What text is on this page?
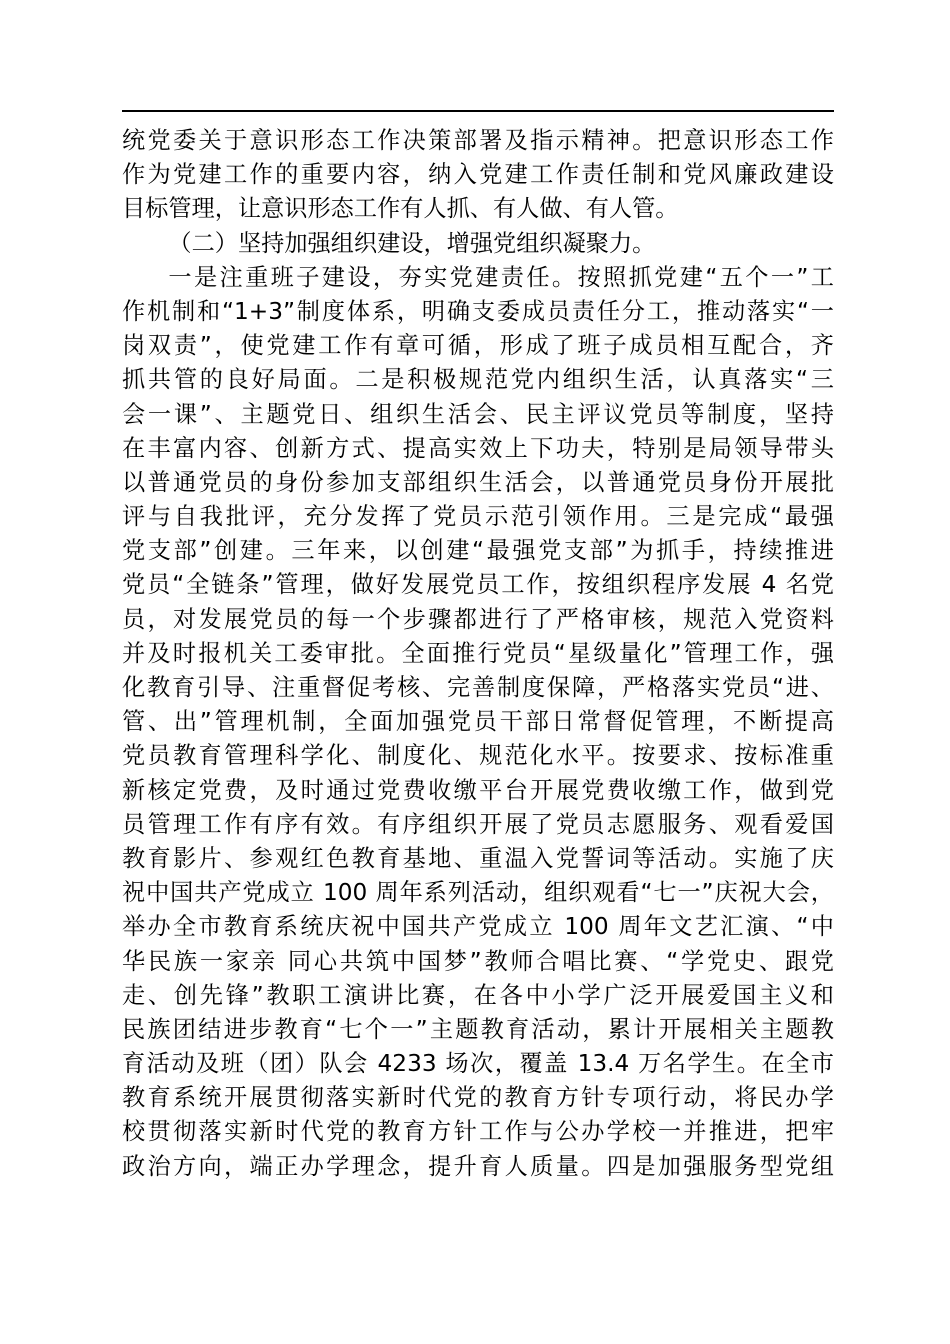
统党委关于意识形态工作决策部署及指示精神。把意识形态工作
作为党建工作的重要内容，纳入党建工作责任制和党风廉政建设
目标管理，让意识形态工作有人抓、有人做、有人管。
（二）坚持加强组织建设，增强党组织凝聚力。
一是注重班子建设，夯实党建责任。按照抓党建“五个一”工
作机制和“1+3”制度体系，明确支委成员责任分工，推动落实“一
岗双责”，使党建工作有章可循，形成了班子成员相互配合，齐
抓共管的良好局面。二是积极规范党内组织生活，认真落实“三
会一课”、主题党日、组织生活会、民主评议党员等制度，坚持
在丰富内容、创新方式、提高实效上下功夫，特别是局领导带头
以普通党员的身份参加支部组织生活会，以普通党员身份开展批
评与自我批评，充分发挥了党员示范引领作用。三是完成“最强
党支部”创建。三年来，以创建“最强党支部”为抓手，持续推进
党员“全链条”管理，做好发展党员工作，按组织程序发展 4 名党
员，对发展党员的每一个步骤都进行了严格审核，规范入党资料
并及时报机关工委审批。全面推行党员“星级量化”管理工作，强
化教育引导、注重督促考核、完善制度保障，严格落实党员“进、
管、出”管理机制，全面加强党员干部日常督促管理，不断提高
党员教育管理科学化、制度化、规范化水平。按要求、按标准重
新核定党费，及时通过党费收缴平台开展党费收缴工作，做到党
员管理工作有序有效。有序组织开展了党员志愿服务、观看爱国
教育影片、参观红色教育基地、重温入党誓词等活动。实施了庆
祝中国共产党成立 100 周年系列活动，组织观看“七一”庆祝大会，
举办全市教育系统庆祝中国共产党成立 100 周年文艺汇演、“中
华民族一家亲 同心共筑中国梦”教师合唱比赛、“学党史、跟党
走、创先锋”教职工演讲比赛，在各中小学广泛开展爱国主义和
民族团结进步教育“七个一”主题教育活动，累计开展相关主题教
育活动及班（团）队会 4233 场次，覆盖 13.4 万名学生。在全市
教育系统开展贯彻落实新时代党的教育方针专项行动，将民办学
校贯彻落实新时代党的教育方针工作与公办学校一并推进，把牢
政治方向，端正办学理念，提升育人质量。四是加强服务型党组
